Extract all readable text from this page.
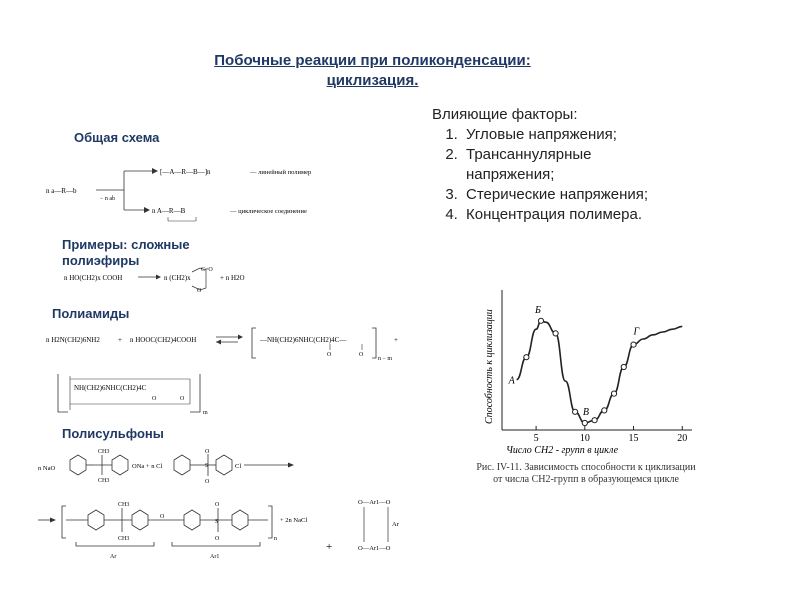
Побочные реакции при поликонденсации:
циклизация.
Влияющие факторы:
1. Угловые напряжения;
2. Трансаннулярные напряжения;
3. Стерические напряжения;
4. Концентрация полимера.
Общая схема
Примеры: сложные полиэфиры
Полиамиды
Полисульфоны
n a—R—b
− n ab
[—A—R—B—]n	— линейный полимер
n A—R—B	— циклическое соединение
n HO(CH2)x COOH	n (CH2)x
C=O
O
+ n H2O
n H2N(CH2)6NH2	+ n HOOC(CH2)4COOH	—NH(CH2)6NHC(CH2)4C—
O	O
n − m
+
NH(CH2)6NHC(CH2)4C
O	O
m
n NaO
CH3
CH3
ONa + n Cl
O
S
O
Cl
O
CH3
CH3
O
S
O	n
+ 2n NaCl
Ar	Ar1
+
O—Ar1—O
Ar
O—Ar1—O
Способность к циклизации
5	10	15	20
А
Б
В
Г
Число CH2 - групп в цикле
Рис. IV-11. Зависимость способности к циклизации от числа CH2-групп в образующемся цикле
